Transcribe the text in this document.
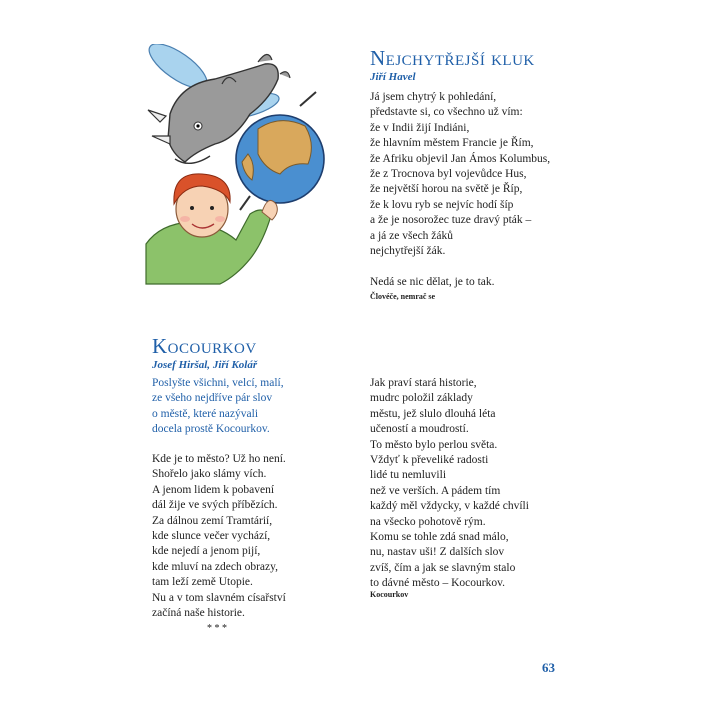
Nejchytřejší kluk
Jiří Havel
Já jsem chytrý k pohledání,
představte si, co všechno už vím:
že v Indii žijí Indiáni,
že hlavním městem Francie je Řím,
že Afriku objevil Jan Ámos Kolumbus,
že z Trocnova byl vojevůdce Hus,
že největší horou na světě je Říp,
že k lovu ryb se nejvíc hodí šíp
a že je nosorožec tuze dravý pták –
a já ze všech žáků
nejchytřejší žák.
Nedá se nic dělat, je to tak.
Človéče, nemrač se
Kocourkov
Josef Hiršal, Jiří Kolář
Poslyšte všichni, velcí, malí,
ze všeho nejdříve pár slov
o městě, které nazývali
docela prostě Kocourkov.
Kde je to město? Už ho není.
Shořelo jako slámy vích.
A jenom lidem k pobavení
dál žije ve svých příbězích.
Za dálnou zemí Tramtárií,
kde slunce večer vychází,
kde nejedí a jenom pijí,
kde mluví na zdech obrazy,
tam leží země Utopie.
Nu a v tom slavném císařství
začíná naše historie.
* * *
Jak praví stará historie,
mudrc položil základy
městu, jež slulo dlouhá léta
učeností a moudrostí.
To město bylo perlou světa.
Vždyť k převeliké radosti
lidé tu nemluvili
než ve verších. A pádem tím
každý měl vždycky, v každé chvíli
na všecko pohotově rým.
Komu se tohle zdá snad málo,
nu, nastav uši! Z dalších slov
zvíš, čím a jak se slavným stalo
to dávné město – Kocourkov.
Kocourkov
63
